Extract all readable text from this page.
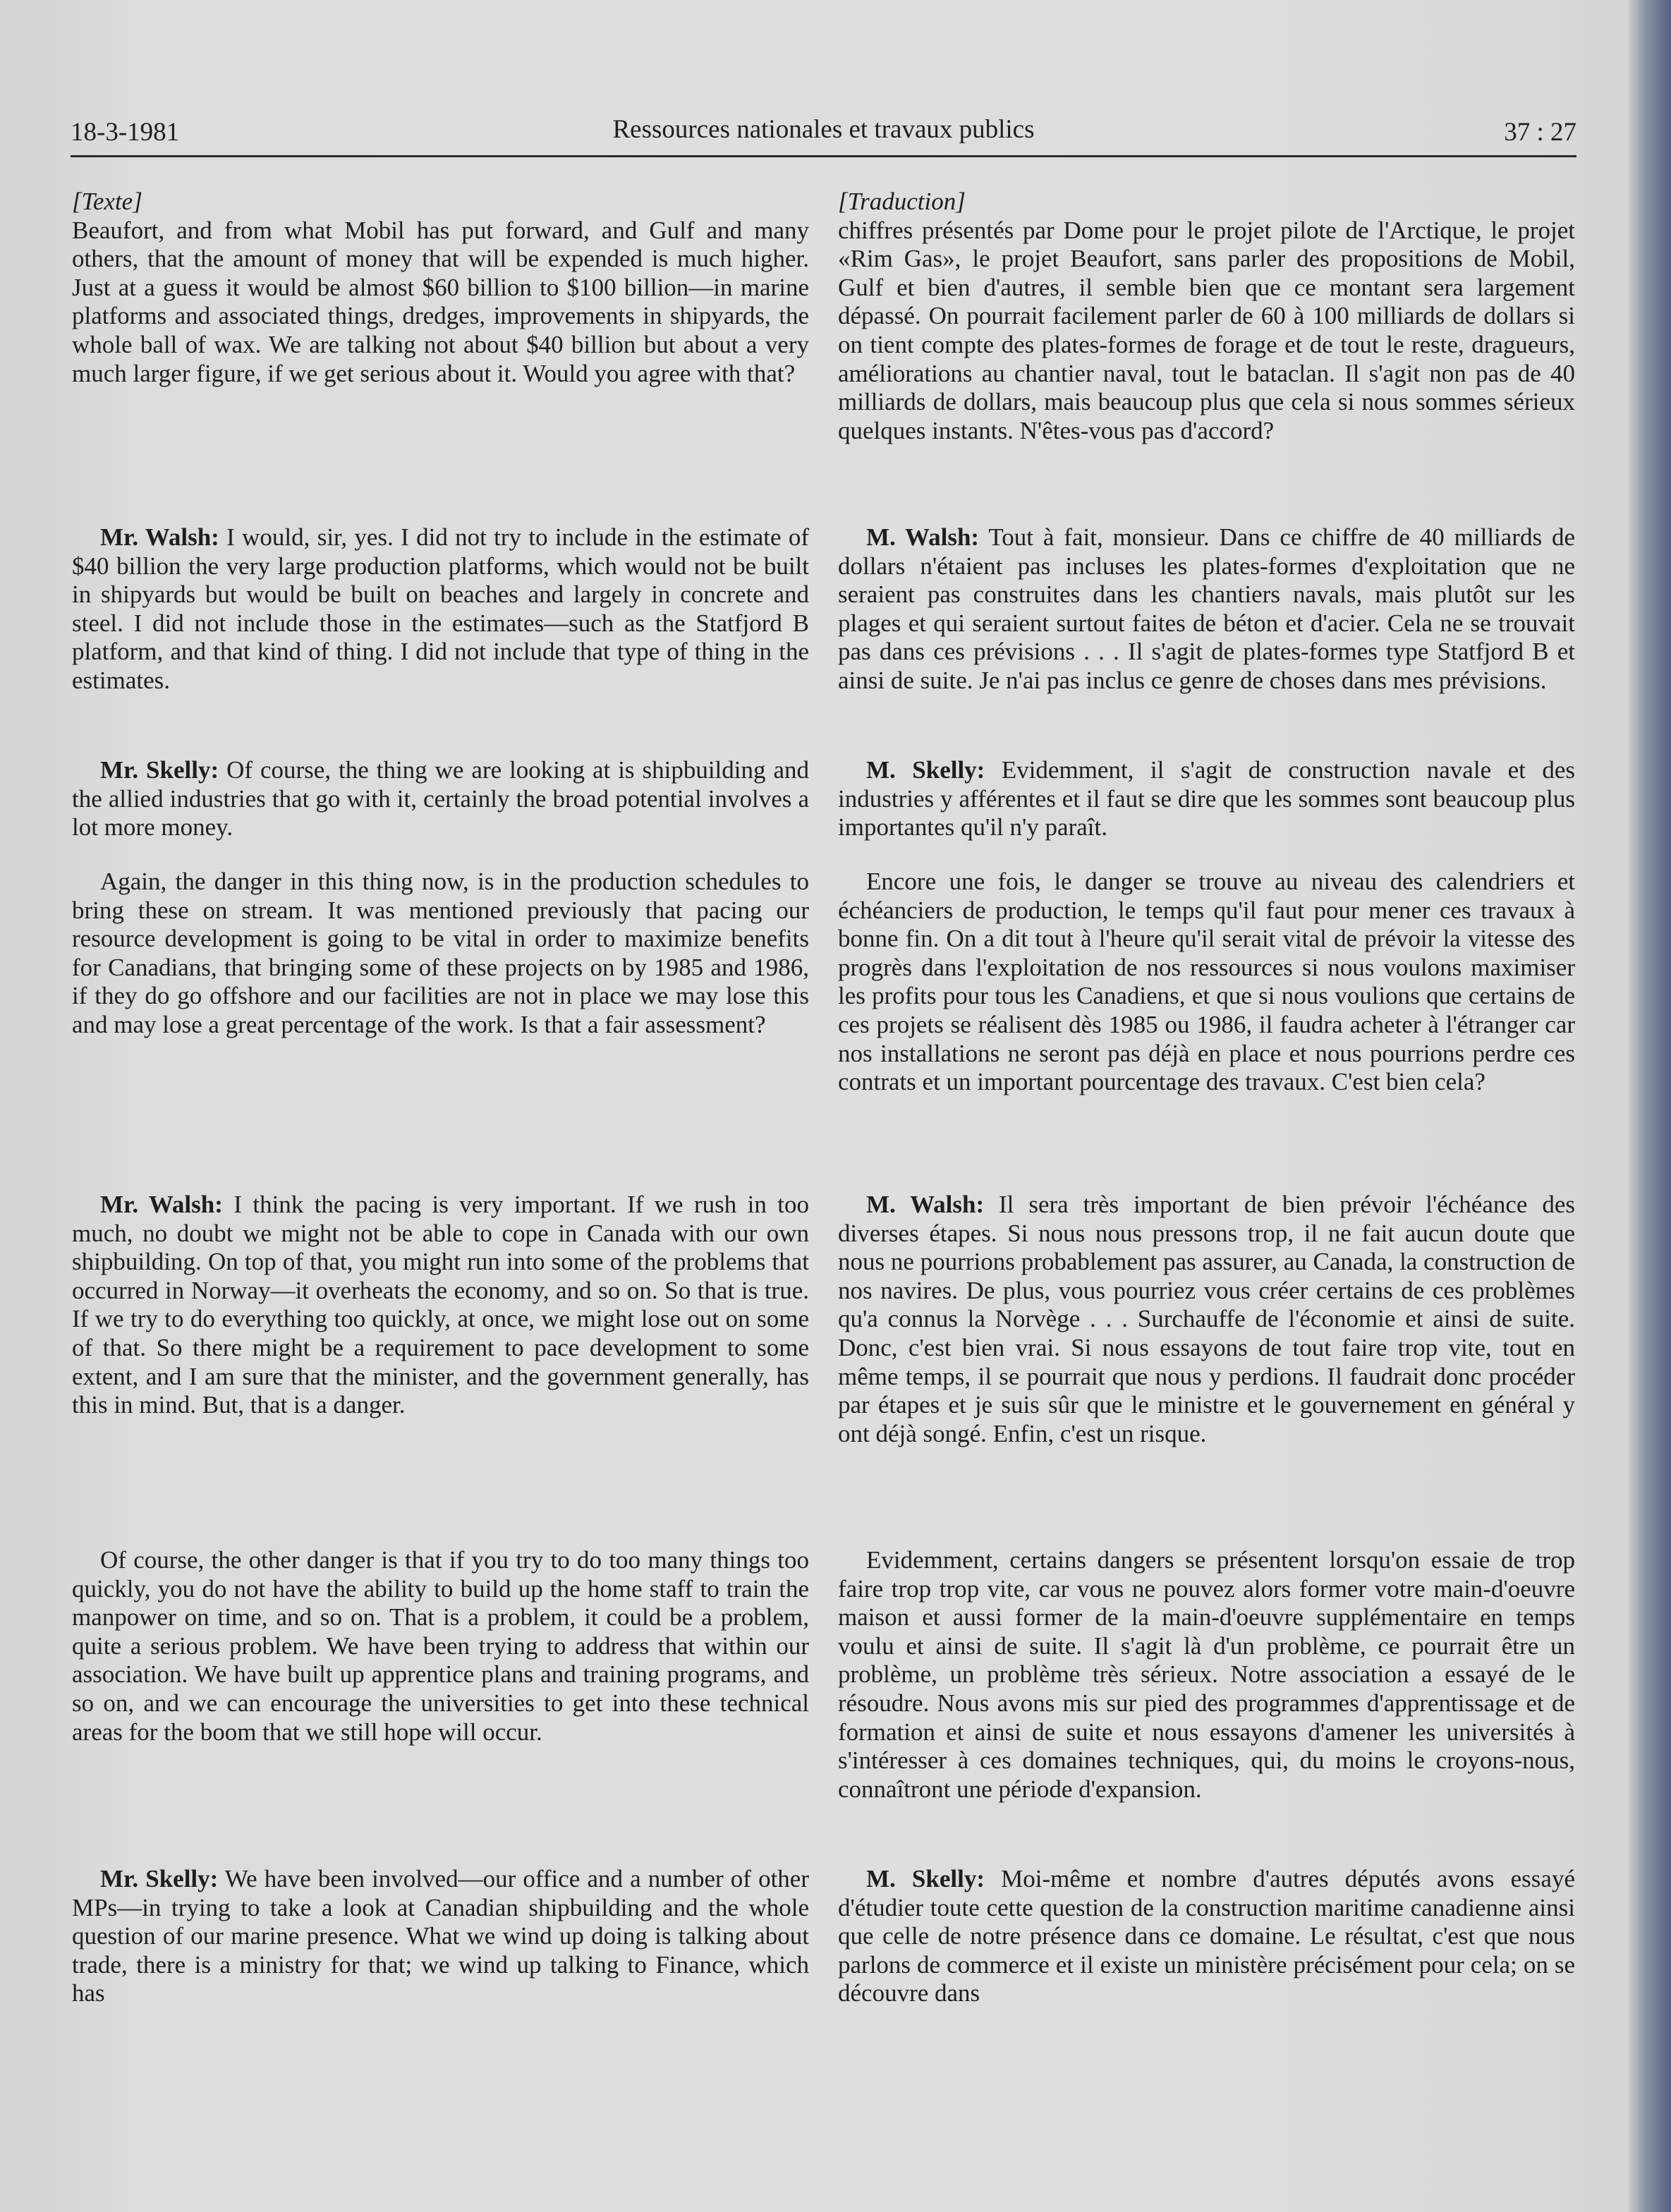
18-3-1981	Ressources nationales et travaux publics	37 : 27
[Texte]

Beaufort, and from what Mobil has put forward, and Gulf and many others, that the amount of money that will be expended is much higher. Just at a guess it would be almost $60 billion to $100 billion—in marine platforms and associated things, dredges, improvements in shipyards, the whole ball of wax. We are talking not about $40 billion but about a very much larger figure, if we get serious about it. Would you agree with that?

Mr. Walsh: I would, sir, yes. I did not try to include in the estimate of $40 billion the very large production platforms, which would not be built in shipyards but would be built on beaches and largely in concrete and steel. I did not include those in the estimates—such as the Statfjord B platform, and that kind of thing. I did not include that type of thing in the estimates.

Mr. Skelly: Of course, the thing we are looking at is shipbuilding and the allied industries that go with it, certainly the broad potential involves a lot more money.

Again, the danger in this thing now, is in the production schedules to bring these on stream. It was mentioned previously that pacing our resource development is going to be vital in order to maximize benefits for Canadians, that bringing some of these projects on by 1985 and 1986, if they do go offshore and our facilities are not in place we may lose this and may lose a great percentage of the work. Is that a fair assessment?

Mr. Walsh: I think the pacing is very important. If we rush in too much, no doubt we might not be able to cope in Canada with our own shipbuilding. On top of that, you might run into some of the problems that occurred in Norway—it overheats the economy, and so on. So that is true. If we try to do everything too quickly, at once, we might lose out on some of that. So there might be a requirement to pace development to some extent, and I am sure that the minister, and the government generally, has this in mind. But, that is a danger.

Of course, the other danger is that if you try to do too many things too quickly, you do not have the ability to build up the home staff to train the manpower on time, and so on. That is a problem, it could be a problem, quite a serious problem. We have been trying to address that within our association. We have built up apprentice plans and training programs, and so on, and we can encourage the universities to get into these technical areas for the boom that we still hope will occur.

Mr. Skelly: We have been involved—our office and a number of other MPs—in trying to take a look at Canadian shipbuilding and the whole question of our marine presence. What we wind up doing is talking about trade, there is a ministry for that; we wind up talking to Finance, which has

[Traduction]

chiffres présentés par Dome pour le projet pilote de l'Arctique, le projet «Rim Gas», le projet Beaufort, sans parler des propositions de Mobil, Gulf et bien d'autres, il semble bien que ce montant sera largement dépassé. On pourrait facilement parler de 60 à 100 milliards de dollars si on tient compte des plates-formes de forage et de tout le reste, dragueurs, améliorations au chantier naval, tout le bataclan. Il s'agit non pas de 40 milliards de dollars, mais beaucoup plus que cela si nous sommes sérieux quelques instants. N'êtes-vous pas d'accord?

M. Walsh: Tout à fait, monsieur. Dans ce chiffre de 40 milliards de dollars n'étaient pas incluses les plates-formes d'exploitation que ne seraient pas construites dans les chantiers navals, mais plutôt sur les plages et qui seraient surtout faites de béton et d'acier. Cela ne se trouvait pas dans ces prévisions . . . Il s'agit de plates-formes type Statfjord B et ainsi de suite. Je n'ai pas inclus ce genre de choses dans mes prévisions.

M. Skelly: Evidemment, il s'agit de construction navale et des industries y afférentes et il faut se dire que les sommes sont beaucoup plus importantes qu'il n'y paraît.

Encore une fois, le danger se trouve au niveau des calendriers et échéanciers de production, le temps qu'il faut pour mener ces travaux à bonne fin. On a dit tout à l'heure qu'il serait vital de prévoir la vitesse des progrès dans l'exploitation de nos ressources si nous voulons maximiser les profits pour tous les Canadiens, et que si nous voulions que certains de ces projets se réalisent dès 1985 ou 1986, il faudra acheter à l'étranger car nos installations ne seront pas déjà en place et nous pourrions perdre ces contrats et un important pourcentage des travaux. C'est bien cela?

M. Walsh: Il sera très important de bien prévoir l'échéance des diverses étapes. Si nous nous pressons trop, il ne fait aucun doute que nous ne pourrions probablement pas assurer, au Canada, la construction de nos navires. De plus, vous pourriez vous créer certains de ces problèmes qu'a connus la Norvège . . . Surchauffe de l'économie et ainsi de suite. Donc, c'est bien vrai. Si nous essayons de tout faire trop vite, tout en même temps, il se pourrait que nous y perdions. Il faudrait donc procéder par étapes et je suis sûr que le ministre et le gouvernement en général y ont déjà songé. Enfin, c'est un risque.

Evidemment, certains dangers se présentent lorsqu'on essaie de trop faire trop trop vite, car vous ne pouvez alors former votre main-d'oeuvre maison et aussi former de la main-d'oeuvre supplémentaire en temps voulu et ainsi de suite. Il s'agit là d'un problème, ce pourrait être un problème, un problème très sérieux. Notre association a essayé de le résoudre. Nous avons mis sur pied des programmes d'apprentissage et de formation et ainsi de suite et nous essayons d'amener les universités à s'intéresser à ces domaines techniques, qui, du moins le croyons-nous, connaîtront une période d'expansion.

M. Skelly: Moi-même et nombre d'autres députés avons essayé d'étudier toute cette question de la construction maritime canadienne ainsi que celle de notre présence dans ce domaine. Le résultat, c'est que nous parlons de commerce et il existe un ministère précisément pour cela; on se découvre dans
